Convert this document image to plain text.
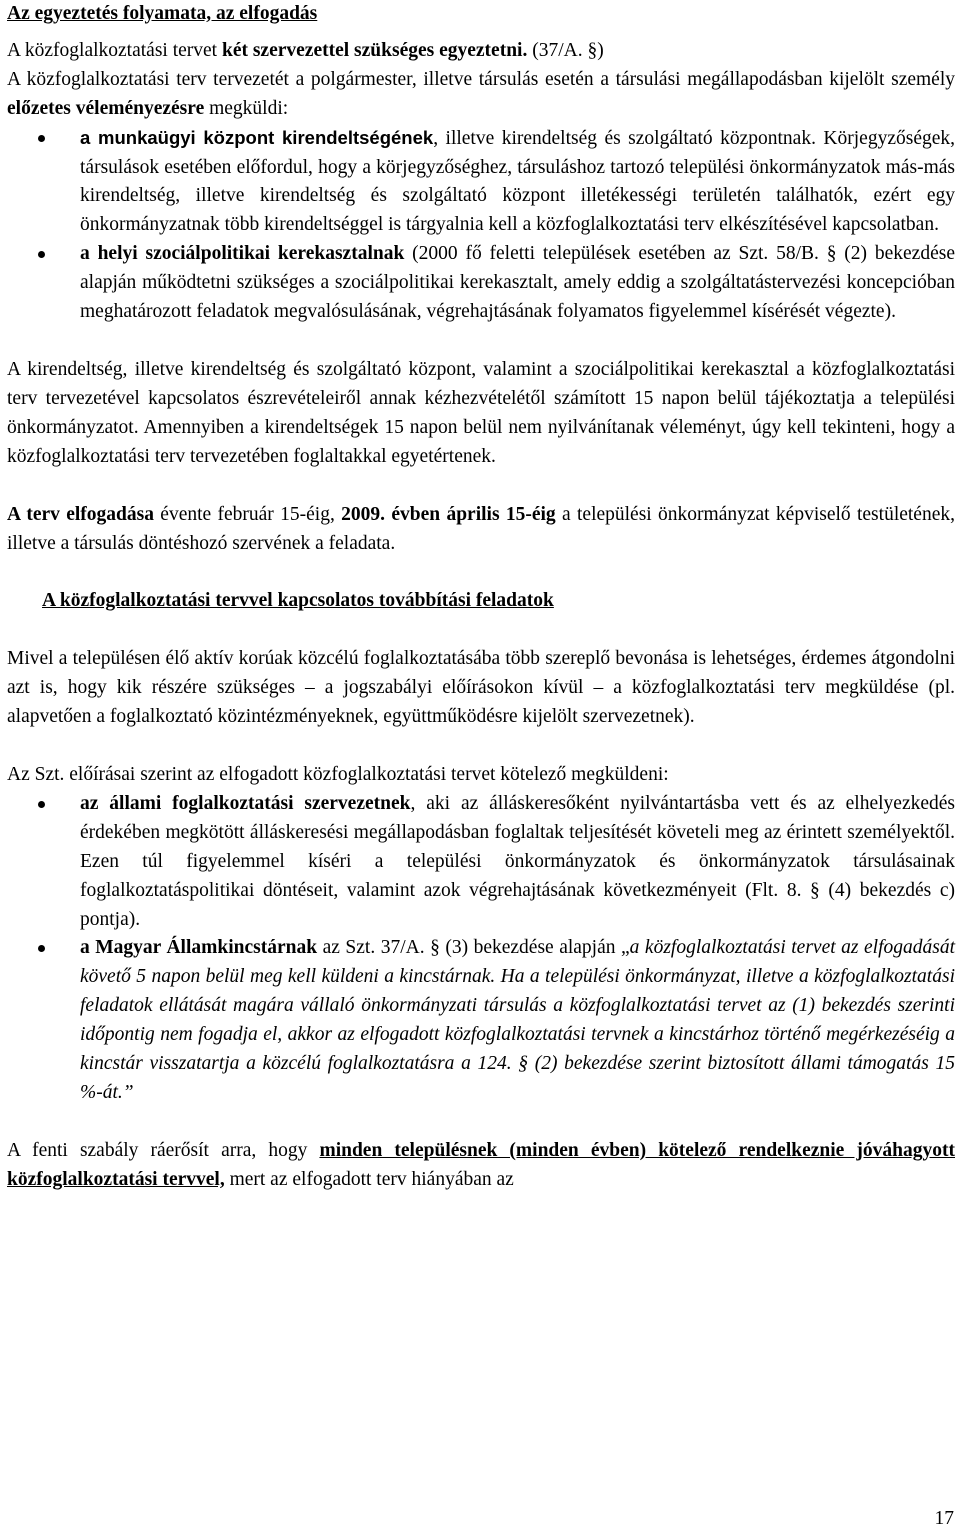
Az egyeztetés folyamata, az elfogadás

A közfoglalkoztatási tervet két szervezettel szükséges egyeztetni. (37/A. §)

A közfoglalkoztatási terv tervezetét a polgármester, illetve társulás esetén a társulási megállapodásban kijelölt személy előzetes véleményezésre megküldi:

a munkaügyi központ kirendeltségének, illetve kirendeltség és szolgáltató központnak. Körjegyzőségek, társulások esetében előfordul, hogy a körjegyzőséghez, társuláshoz tartozó települési önkormányzatok más-más kirendeltség, illetve kirendeltség és szolgáltató központ illetékességi területén találhatók, ezért egy önkormányzatnak több kirendeltséggel is tárgyalnia kell a közfoglalkoztatási terv elkészítésével kapcsolatban.
a helyi szociálpolitikai kerekasztalnak (2000 fő feletti települések esetében az Szt. 58/B. § (2) bekezdése alapján működtetni szükséges a szociálpolitikai kerekasztalt, amely eddig a szolgáltatástervezési koncepcióban meghatározott feladatok megvalósulásának, végrehajtásának folyamatos figyelemmel kísérését végezte).

A kirendeltség, illetve kirendeltség és szolgáltató központ, valamint a szociálpolitikai kerekasztal a közfoglalkoztatási terv tervezetével kapcsolatos észrevételeiről annak kézhezvételétől számított 15 napon belül tájékoztatja a települési önkormányzatot. Amennyiben a kirendeltségek 15 napon belül nem nyilvánítanak véleményt, úgy kell tekinteni, hogy a közfoglalkoztatási terv tervezetében foglaltakkal egyetértenek.

A terv elfogadása évente február 15-éig, 2009. évben április 15-éig a települési önkormányzat képviselő testületének, illetve a társulás döntéshozó szervének a feladata.

A közfoglalkoztatási tervvel kapcsolatos továbbítási feladatok

Mivel a településen élő aktív korúak közcélú foglalkoztatásába több szereplő bevonása is lehetséges, érdemes átgondolni azt is, hogy kik részére szükséges – a jogszabályi előírásokon kívül – a közfoglalkoztatási terv megküldése (pl. alapvetően a foglalkoztató közintézményeknek, együttműködésre kijelölt szervezetnek).

Az Szt. előírásai szerint az elfogadott közfoglalkoztatási tervet kötelező megküldeni:

az állami foglalkoztatási szervezetnek, aki az álláskeresőként nyilvántartásba vett és az elhelyezkedés érdekében megkötött álláskeresési megállapodásban foglaltak teljesítését követeli meg az érintett személyektől. Ezen túl figyelemmel kíséri a települési önkormányzatok és önkormányzatok társulásainak foglalkoztatáspolitikai döntéseit, valamint azok végrehajtásának következményeit (Flt. 8. § (4) bekezdés c) pontja).
a Magyar Államkincstárnak az Szt. 37/A. § (3) bekezdése alapján „a közfoglalkoztatási tervet az elfogadását követő 5 napon belül meg kell küldeni a kincstárnak. Ha a települési önkormányzat, illetve a közfoglalkoztatási feladatok ellátását magára vállaló önkormányzati társulás a közfoglalkoztatási tervet az (1) bekezdés szerinti időpontig nem fogadja el, akkor az elfogadott közfoglalkoztatási tervnek a kincstárhoz történő megérkezéséig a kincstár visszatartja a közcélú foglalkoztatásra a 124. § (2) bekezdése szerint biztosított állami támogatás 15 %-át.”

A fenti szabály ráerősít arra, hogy minden településnek (minden évben) kötelező rendelkeznie jóváhagyott közfoglalkoztatási tervvel, mert az elfogadott terv hiányában az

17
